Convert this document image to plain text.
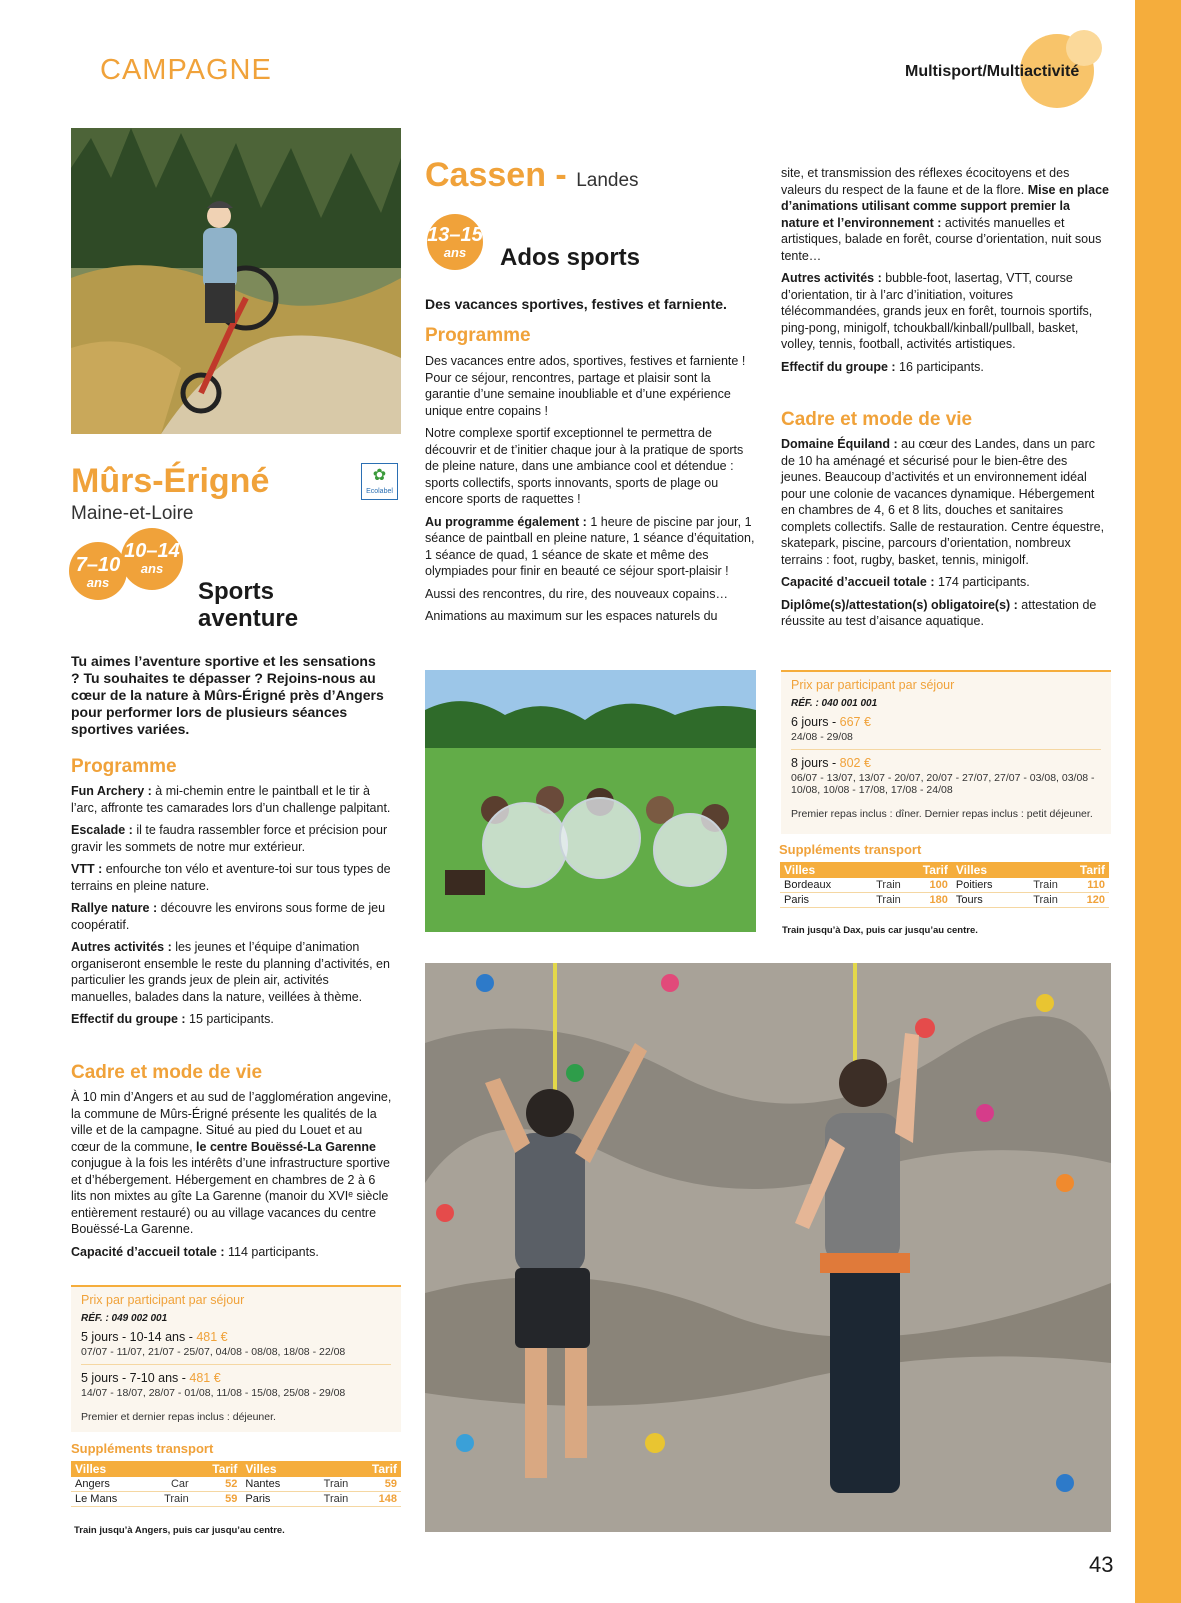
CAMPAGNE	Multisport/Multiactivité
Mûrs-Érigné	✿
Ecolabel
Maine-et-Loire
7–10
ans
10–14
ans
Sports
aventure
Tu aimes l’aventure sportive et les sensations ? Tu souhaites te dépasser ? Rejoins-nous au cœur de la nature à Mûrs-Érigné près d’Angers pour performer lors de plusieurs séances sportives variées.
Programme

Fun Archery : à mi-chemin entre le paintball et le tir à l’arc, affronte tes camarades lors d’un challenge palpitant.

Escalade : il te faudra rassembler force et précision pour gravir les sommets de notre mur extérieur.

VTT : enfourche ton vélo et aventure-toi sur tous types de terrains en pleine nature.

Rallye nature : découvre les environs sous forme de jeu coopératif.

Autres activités : les jeunes et l’équipe d’animation organiseront ensemble le reste du planning d’activités, en particulier les grands jeux de plein air, activités manuelles, balades dans la nature, veillées à thème.

Effectif du groupe : 15 participants.

Cadre et mode de vie

À 10 min d’Angers et au sud de l’agglomération angevine, la commune de Mûrs-Érigné présente les qualités de la ville et de la campagne. Situé au pied du Louet et au cœur de la commune, le centre Bouëssé-La Garenne conjugue à la fois les intérêts d’une infrastructure sportive et d’hébergement. Hébergement en chambres de 2 à 6 lits non mixtes au gîte La Garenne (manoir du XVIᵉ siècle entièrement restauré) ou au village vacances du centre Bouëssé-La Garenne.

Capacité d’accueil totale : 114 participants.

Prix par participant par séjour
RÉF. : 049 002 001
5 jours - 10-14 ans - 481 €
07/07 - 11/07, 21/07 - 25/07, 04/08 - 08/08, 18/08 - 22/08
5 jours - 7-10 ans - 481 €
14/07 - 18/07, 28/07 - 01/08, 11/08 - 15/08, 25/08 - 29/08
Premier et dernier repas inclus : déjeuner.
Suppléments transport
Villes		Tarif	Villes		Tarif
Angers	Car	52	Nantes	Train	59
Le Mans	Train	59	Paris	Train	148
Train jusqu’à Angers, puis car jusqu’au centre.
Cassen - Landes
13–15
ans	Ados sports
Des vacances sportives, festives et farniente.
Programme

Des vacances entre ados, sportives, festives et farniente ! Pour ce séjour, rencontres, partage et plaisir sont la garantie d’une semaine inoubliable et d’une expérience unique entre copains !

Notre complexe sportif exceptionnel te permettra de découvrir et de t’initier chaque jour à la pratique de sports de pleine nature, dans une ambiance cool et détendue : sports collectifs, sports innovants, sports de plage ou encore sports de raquettes !

Au programme également : 1 heure de piscine par jour, 1 séance de paintball en pleine nature, 1 séance d’équitation, 1 séance de quad, 1 séance de skate et même des olympiades pour finir en beauté ce séjour sport-plaisir !

Aussi des rencontres, du rire, des nouveaux copains…

Animations au maximum sur les espaces naturels du

site, et transmission des réflexes écocitoyens et des valeurs du respect de la faune et de la flore. Mise en place d’animations utilisant comme support premier la nature et l’environnement : activités manuelles et artistiques, balade en forêt, course d’orientation, nuit sous tente…

Autres activités : bubble-foot, lasertag, VTT, course d’orientation, tir à l’arc d’initiation, voitures télécommandées, grands jeux en forêt, tournois sportifs, ping-pong, minigolf, tchoukball/kinball/pullball, basket, volley, tennis, football, activités artistiques.

Effectif du groupe : 16 participants.

Cadre et mode de vie

Domaine Équiland : au cœur des Landes, dans un parc de 10 ha aménagé et sécurisé pour le bien-être des jeunes. Beaucoup d’activités et un environnement idéal pour une colonie de vacances dynamique. Hébergement en chambres de 4, 6 et 8 lits, douches et sanitaires complets collectifs. Salle de restauration. Centre équestre, skatepark, piscine, parcours d’orientation, nombreux terrains : foot, rugby, basket, tennis, minigolf.

Capacité d’accueil totale : 174 participants.

Diplôme(s)/attestation(s) obligatoire(s) : attestation de réussite au test d’aisance aquatique.

Prix par participant par séjour
RÉF. : 040 001 001
6 jours - 667 €
24/08 - 29/08
8 jours - 802 €
06/07 - 13/07, 13/07 - 20/07, 20/07 - 27/07, 27/07 - 03/08, 03/08 - 10/08, 10/08 - 17/08, 17/08 - 24/08
Premier repas inclus : dîner. Dernier repas inclus : petit déjeuner.
Suppléments transport
Villes		Tarif	Villes		Tarif
Bordeaux	Train	100	Poitiers	Train	110
Paris	Train	180	Tours	Train	120
Train jusqu’à Dax, puis car jusqu’au centre.
43
